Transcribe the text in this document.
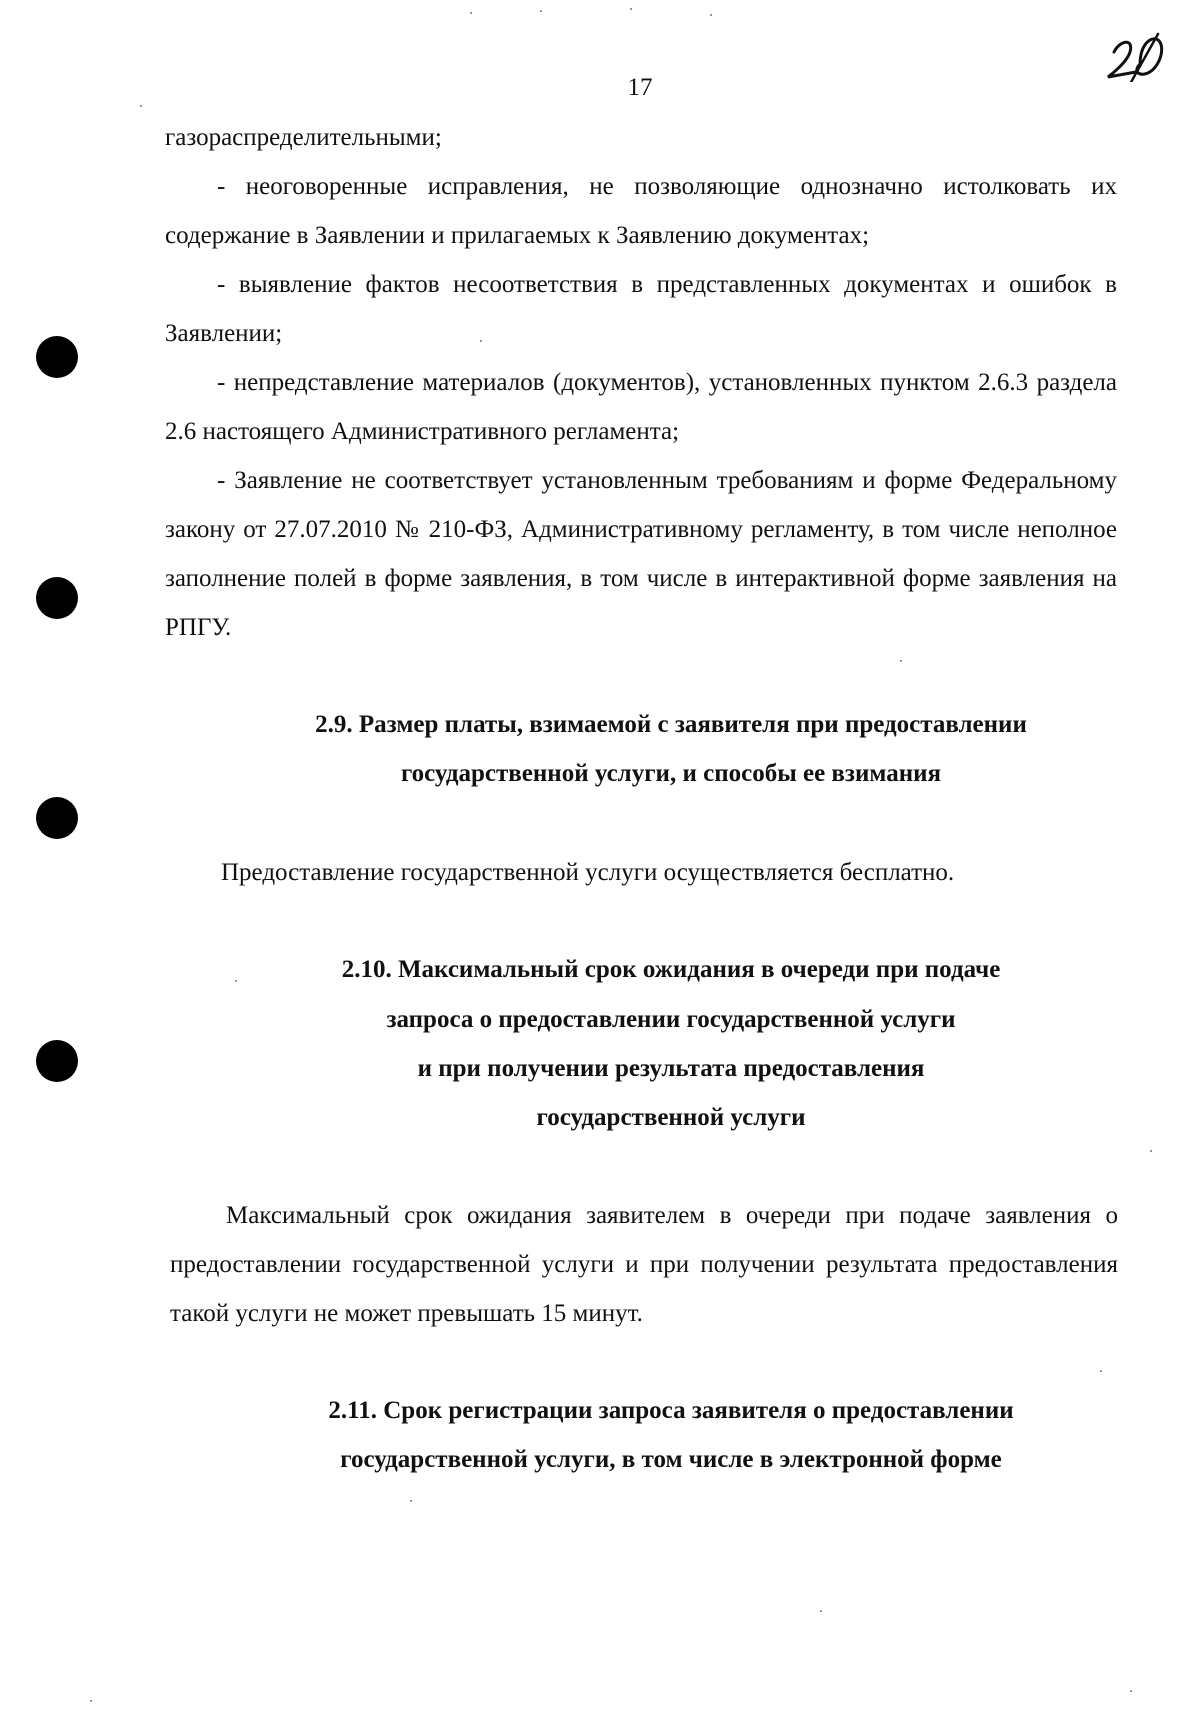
17

газораспределительными;

- неоговоренные исправления, не позволяющие однозначно истолковать их содержание в Заявлении и прилагаемых к Заявлению документах;

- выявление фактов несоответствия в представленных документах и ошибок в Заявлении;

- непредставление материалов (документов), установленных пунктом 2.6.3 раздела 2.6 настоящего Административного регламента;

- Заявление не соответствует установленным требованиям и форме Федеральному закону от 27.07.2010 № 210-ФЗ, Административному регламенту, в том числе неполное заполнение полей в форме заявления, в том числе в интерактивной форме заявления на РПГУ.

2.9. Размер платы, взимаемой с заявителя при предоставлении

государственной услуги, и способы ее взимания

Предоставление государственной услуги осуществляется бесплатно.

2.10. Максимальный срок ожидания в очереди при подаче

запроса о предоставлении государственной услуги

и при получении результата предоставления

государственной услуги

Максимальный срок ожидания заявителем в очереди при подаче заявления о предоставлении государственной услуги и при получении результата предоставления такой услуги не может превышать 15 минут.

2.11. Срок регистрации запроса заявителя о предоставлении

государственной услуги, в том числе в электронной форме
